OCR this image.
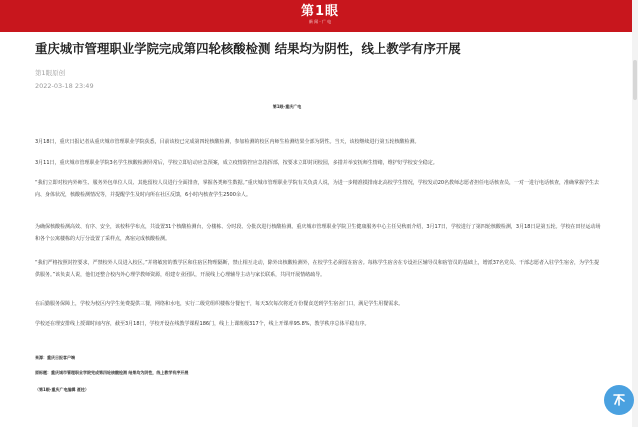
第1眼
新 闻 · 广 电
重庆城市管理职业学院完成第四轮核酸检测 结果均为阴性，线上教学有序开展
第1眼原创
2022-03-18 23:49
第1眼-重庆广电
3月18日，重庆日报记者从重庆城市管理职业学院获悉，目前该校已完成第四轮核酸检测，参加检测的校区内师生检测结果全部为阴性。当天，该校继续进行第五轮核酸检测。
3月11日，重庆城市管理职业学院3名学生核酸检测异常后，学校立即启动应急预案，成立疫情防控应急指挥部，按要求立即封闭校园，多措并举安抚师生情绪，维护好学校安全稳定。
“我们立即对校内外师生、服务外包单位人员、其他留校人员进行全面排查，掌握各类师生数据。”重庆城市管理职业学院有关负责人说，为进一步精准摸排南北高校学生情况，学校发动20名教师志愿者担任电话核查员，一对一进行电话核查，准确掌握学生去向、身体状况，核酸检测情况等，并提醒学生及时向所在社区反馈，6小时内核查学生2500余人。
为确保核酸检测高效、有序、安全，该校科学布点，共设置31个核酸检测台，分楼栋、分时段、分批次进行核酸检测。重庆城市管理职业学院卫生健康服务中心主任吴秋雨介绍，3月17日，学校进行了第四轮核酸检测，3月18日是第五轮。学校在田径运动场和各个公寓楼栋的大厅分设置了采样点，离宿完成核酸检测。
“我们严格按照封控要求，严禁校外人员进入校区。”并将敏密的教学区和住宿区物理隔断，禁止相互走动，除外出核酸检测外，在校学生必须留在宿舍。每栋学生宿舍在专设社区辅导员和宿管员的基础上，增派37名党员、干部志愿者入驻学生宿舍，为学生提供服务。”该负责人说，他们还整合校内外心理学教师资源，组建专业团队，开展线上心理辅导主动与家长联系，共同开展情绪疏导。
在后勤服务保障上，学校为校区内学生免费提供三餐，网络和水电，实行二级党组织楼栋分餐包干，每天3次每次将近万份餐食送到学生宿舍门口，满足学生用餐需求。
学校还在理安排线上授课时间内容，截至3月18日，学校开设在线教学课程186门，线上上课班级317个，线上开课率95.8%，教学秩序总体平稳有序。
来源：重庆日报客户端
原标题：重庆城市管理职业学院完成第四轮核酸检测 结果均为阴性，线上教学有序开展
（第1眼-重庆广电编辑 聂柱）
